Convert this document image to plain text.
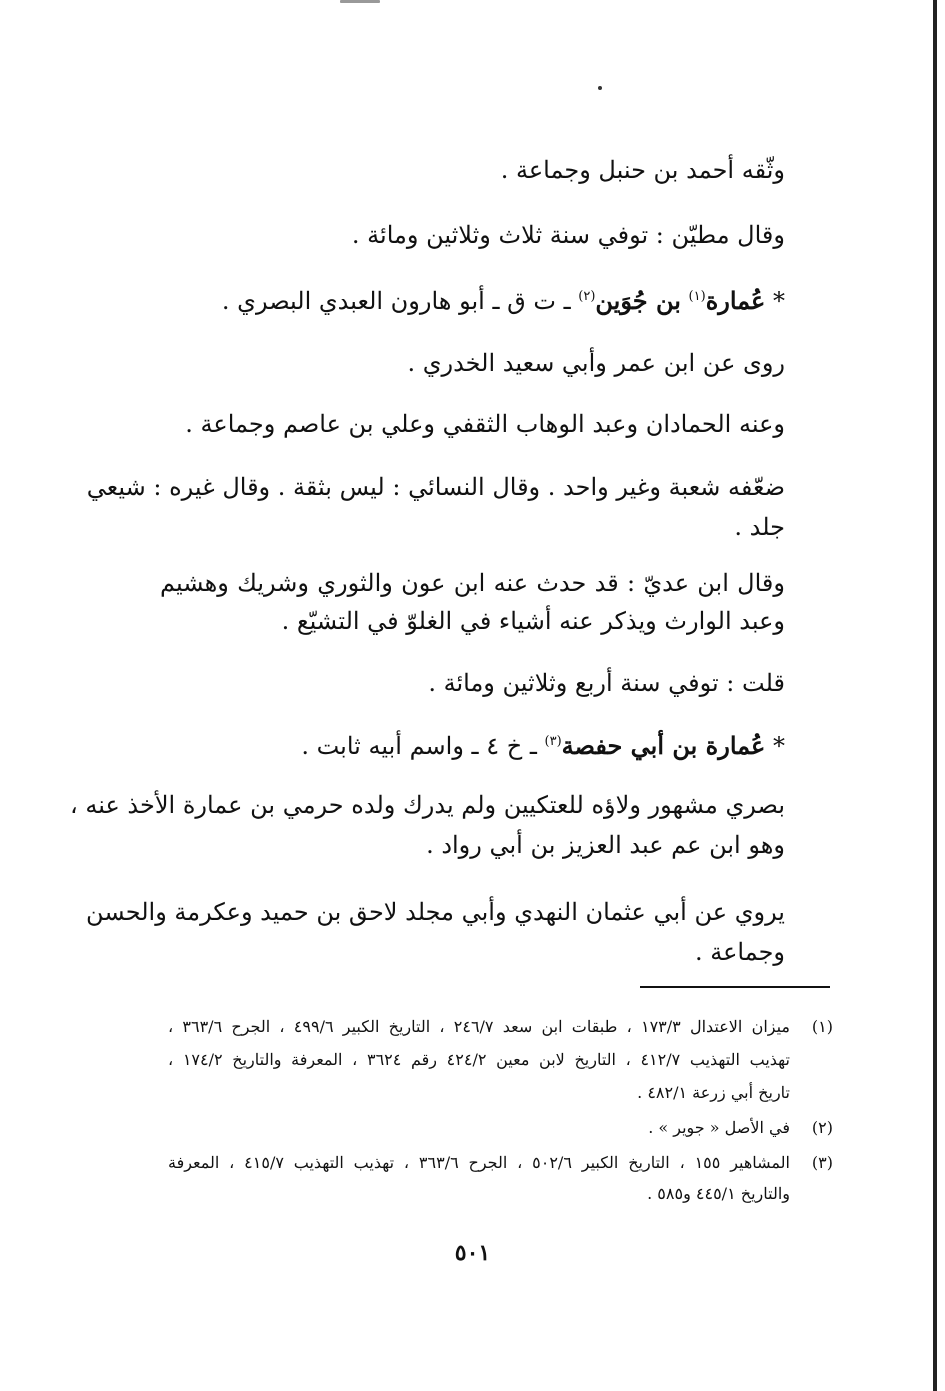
وثّقه أحمد بن حنبل وجماعة .
وقال مطيّن : توفي سنة ثلاث وثلاثين ومائة .
* عُمارة$^{(١)}$ بن جُوَين$^{(٢)}$ ـ ت ق ـ أبو هارون العبدي البصري .
روى عن ابن عمر وأبي سعيد الخدري .
وعنه الحمادان وعبد الوهاب الثقفي وعلي بن عاصم وجماعة .
ضعّفه شعبة وغير واحد . وقال النسائي : ليس بثقة . وقال غيره : شيعي
جلد .
وقال ابن عديّ : قد حدث عنه ابن عون والثوري وشريك وهشيم
وعبد الوارث ويذكر عنه أشياء في الغلوّ في التشيّع .
قلت : توفي سنة أربع وثلاثين ومائة .
* عُمارة بن أبي حفصة$^{(٣)}$ ـ خ ٤ ـ واسم أبيه ثابت .
بصري مشهور ولاؤه للعتكيين ولم يدرك ولده حرمي بن عمارة الأخذ عنه ،
وهو ابن عم عبد العزيز بن أبي رواد .
يروي عن أبي عثمان النهدي وأبي مجلد لاحق بن حميد وعكرمة والحسن
وجماعة .
(١)
ميزان الاعتدال ١٧٣/٣ ، طبقات ابن سعد ٢٤٦/٧ ، التاريخ الكبير ٤٩٩/٦ ، الجرح ٣٦٣/٦ ،
تهذيب التهذيب ٤١٢/٧ ، التاريخ لابن معين ٤٢٤/٢ رقم ٣٦٢٤ ، المعرفة والتاريخ ١٧٤/٢ ،
تاريخ أبي زرعة ٤٨٢/١ .
(٢)
في الأصل « جوير » .
(٣)
المشاهير ١٥٥ ، التاريخ الكبير ٥٠٢/٦ ، الجرح ٣٦٣/٦ ، تهذيب التهذيب ٤١٥/٧ ، المعرفة
والتاريخ ٤٤٥/١ و٥٨٥ .
٥٠١
